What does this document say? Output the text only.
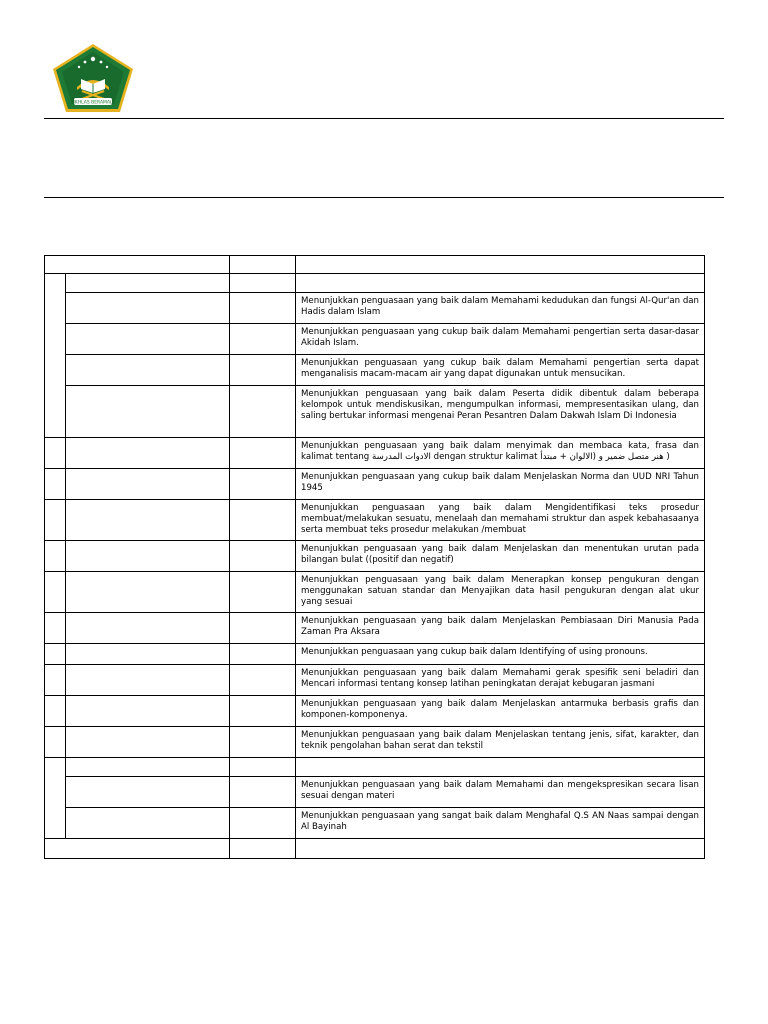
IKHLAS BERAMAL

			Menunjukkan penguasaan yang baik dalam Memahami kedudukan dan fungsi Al-Qur'an dan Hadis dalam Islam
			Menunjukkan penguasaan yang cukup baik dalam Memahami pengertian serta dasar-dasar Akidah Islam.
			Menunjukkan penguasaan yang cukup baik dalam Memahami pengertian serta dapat menganalisis macam-macam air yang dapat digunakan untuk mensucikan.
			Menunjukkan penguasaan yang baik dalam Peserta didik dibentuk dalam beberapa kelompok untuk mendiskusikan, mengumpulkan informasi, mempresentasikan ulang, dan saling bertukar informasi mengenai Peran Pesantren Dalam Dakwah Islam Di Indonesia
			Menunjukkan penguasaan yang baik dalam menyimak dan membaca kata, frasa dan kalimat tentang الادوات المدرسة dengan struktur kalimat ( هنر متصل ضمير و (الالوان + مبتدأ
			Menunjukkan penguasaan yang cukup baik dalam Menjelaskan Norma dan UUD NRI Tahun 1945
			Menunjukkan penguasaan yang baik dalam Mengidentifikasi teks prosedur membuat/melakukan sesuatu, menelaah dan memahami struktur dan aspek kebahasaanya serta membuat teks prosedur melakukan /membuat
			Menunjukkan penguasaan yang baik dalam Menjelaskan dan menentukan urutan pada bilangan bulat ((positif dan negatif)
			Menunjukkan penguasaan yang baik dalam Menerapkan konsep pengukuran dengan menggunakan satuan standar dan Menyajikan data hasil pengukuran dengan alat ukur yang sesuai
			Menunjukkan penguasaan yang baik dalam Menjelaskan Pembiasaan Diri Manusia Pada Zaman Pra Aksara
			Menunjukkan penguasaan yang cukup baik dalam Identifying of using pronouns.
			Menunjukkan penguasaan yang baik dalam Memahami gerak spesifik seni beladiri dan Mencari informasi tentang konsep latihan peningkatan derajat kebugaran jasmani
			Menunjukkan penguasaan yang baik dalam Menjelaskan antarmuka berbasis grafis dan komponen-komponenya.
			Menunjukkan penguasaan yang baik dalam Menjelaskan tentang jenis, sifat, karakter, dan teknik pengolahan bahan serat dan tekstil

			Menunjukkan penguasaan yang baik dalam Memahami dan mengekspresikan secara lisan sesuai dengan materi
			Menunjukkan penguasaan yang sangat baik dalam Menghafal Q.S AN Naas sampai dengan Al Bayinah
